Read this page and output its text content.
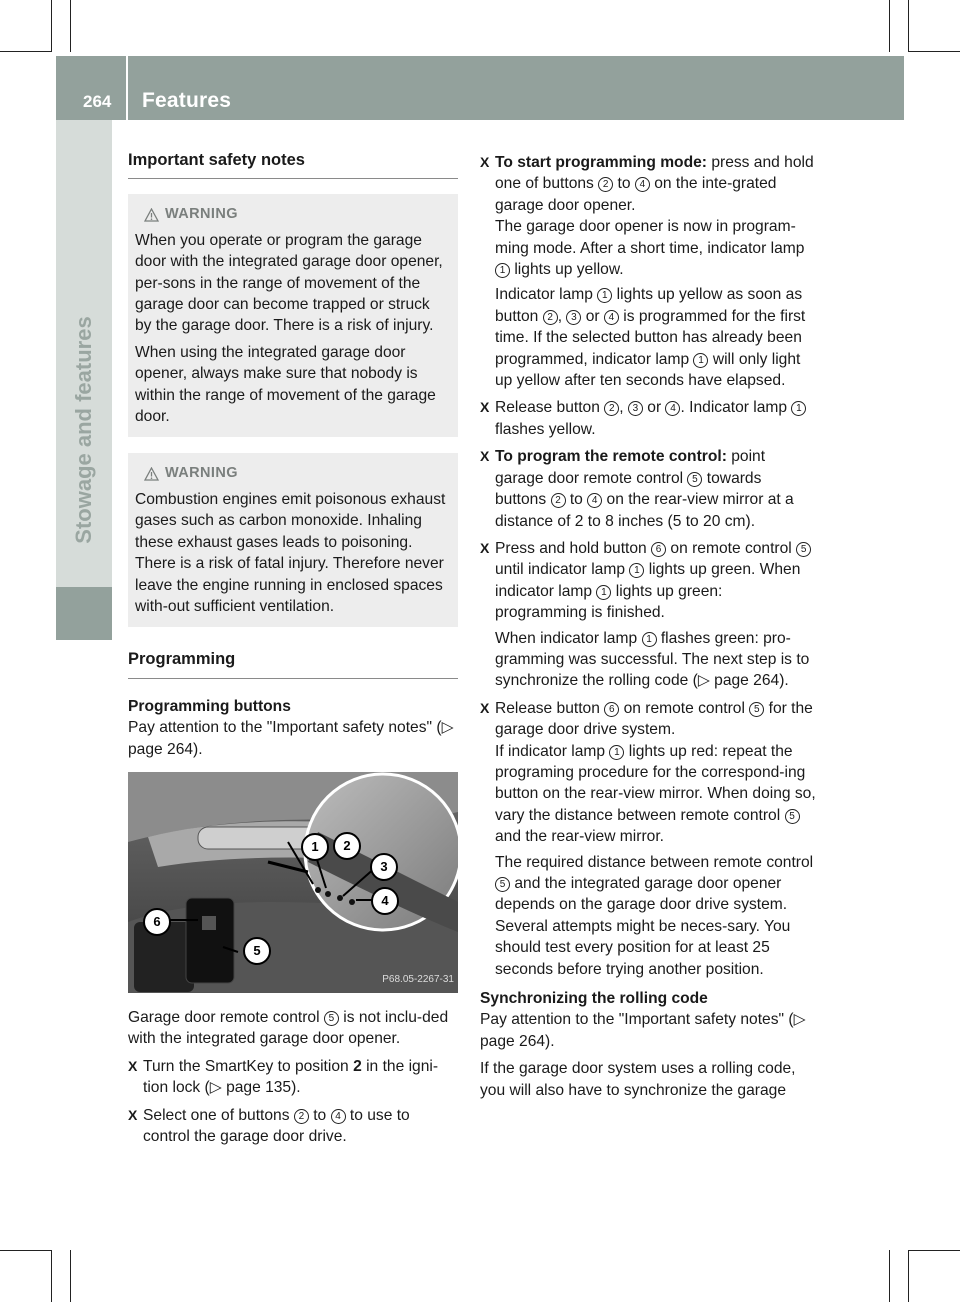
264 Features
Stowage and features
Important safety notes
WARNING

When you operate or program the garage door with the integrated garage door opener, per-sons in the range of movement of the garage door can become trapped or struck by the garage door. There is a risk of injury.

When using the integrated garage door opener, always make sure that nobody is within the range of movement of the garage door.

WARNING

Combustion engines emit poisonous exhaust gases such as carbon monoxide. Inhaling these exhaust gases leads to poisoning. There is a risk of fatal injury. Therefore never leave the engine running in enclosed spaces with-out sufficient ventilation.

Programming

Programming buttons

Pay attention to the "Important safety notes" (▷ page 264).

1	2
3
4
5
6
P68.05-2267-31

Garage door remote control 5 is not inclu-ded with the integrated garage door opener.

X Turn the SmartKey to position 2 in the igni-tion lock (▷ page 135).
X Select one of buttons 2 to 4 to use to control the garage door drive.
X To start programming mode: press and hold one of buttons 2 to 4 on the inte-grated garage door opener.
The garage door opener is now in program-ming mode. After a short time, indicator lamp 1 lights up yellow.

Indicator lamp 1 lights up yellow as soon as button 2 , 3 or 4 is programmed for the first time. If the selected button has already been programmed, indicator lamp 1 will only light up yellow after ten seconds have elapsed.

X Release button 2 , 3 or 4 . Indicator lamp 1 flashes yellow.
X To program the remote control: point garage door remote control 5 towards buttons 2 to 4 on the rear-view mirror at a distance of 2 to 8 inches (5 to 20 cm).
X Press and hold button 6 on remote control 5 until indicator lamp 1 lights up green. When indicator lamp 1 lights up green: programming is finished.

When indicator lamp 1 flashes green: pro-gramming was successful. The next step is to synchronize the rolling code (▷ page 264).

X Release button 6 on remote control 5 for the garage door drive system.
If indicator lamp 1 lights up red: repeat the programing procedure for the correspond-ing button on the rear-view mirror. When doing so, vary the distance between remote control 5 and the rear-view mirror.

The required distance between remote control 5 and the integrated garage door opener depends on the garage door drive system. Several attempts might be neces-sary. You should test every position for at least 25 seconds before trying another position.

Synchronizing the rolling code

Pay attention to the "Important safety notes" (▷ page 264).

If the garage door system uses a rolling code, you will also have to synchronize the garage
